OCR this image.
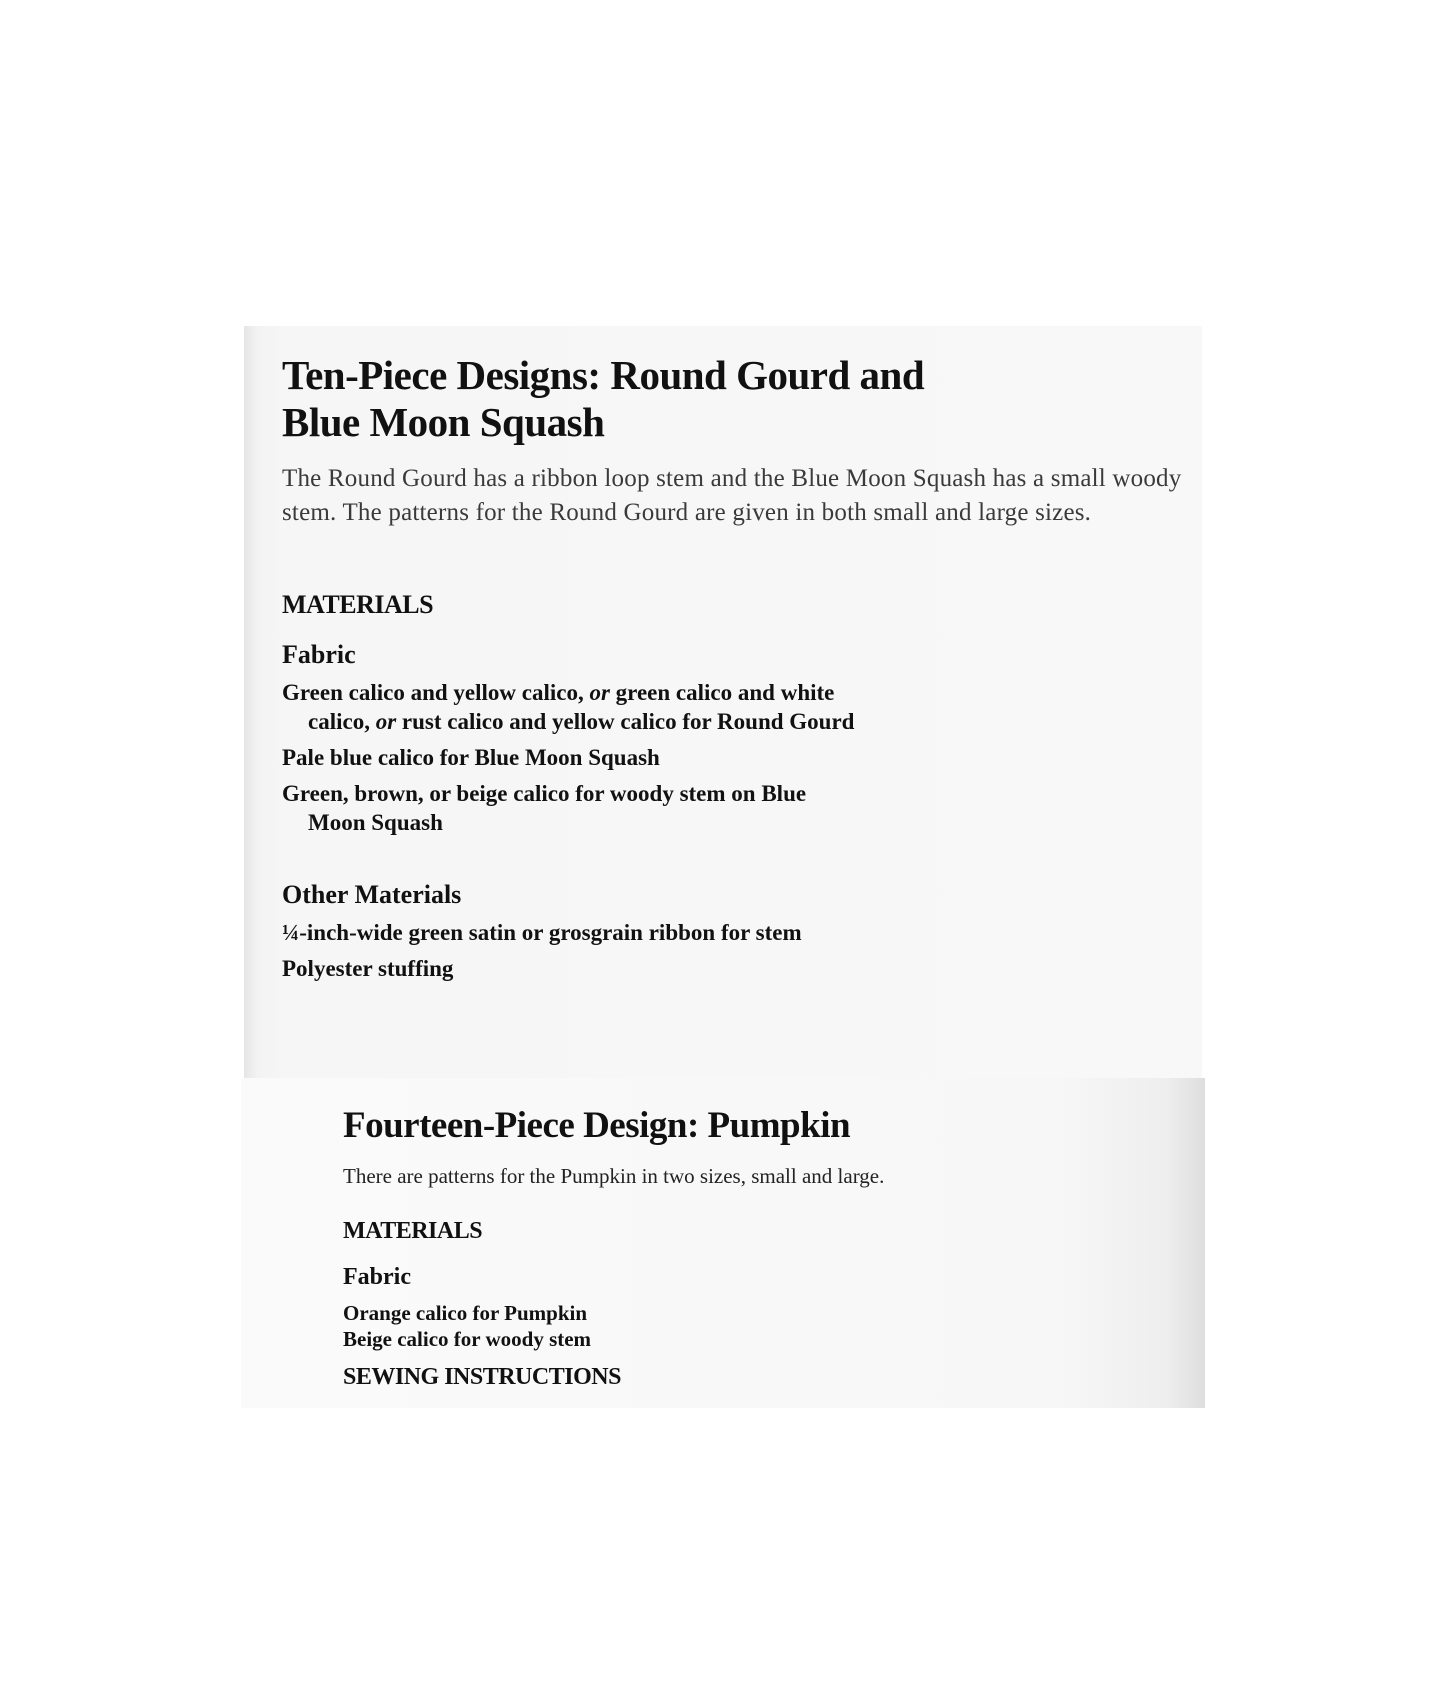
Ten-Piece Designs: Round Gourd and
Blue Moon Squash

The Round Gourd has a ribbon loop stem and the Blue Moon Squash has a small woody stem. The patterns for the Round Gourd are given in both small and large sizes.

MATERIALS
Fabric
Green calico and yellow calico, or green calico and white calico, or rust calico and yellow calico for Round Gourd
Pale blue calico for Blue Moon Squash
Green, brown, or beige calico for woody stem on Blue Moon Squash
Other Materials
¼-inch-wide green satin or grosgrain ribbon for stem
Polyester stuffing
Fourteen-Piece Design: Pumpkin

There are patterns for the Pumpkin in two sizes, small and large.

MATERIALS
Fabric
Orange calico for Pumpkin
Beige calico for woody stem
SEWING INSTRUCTIONS
